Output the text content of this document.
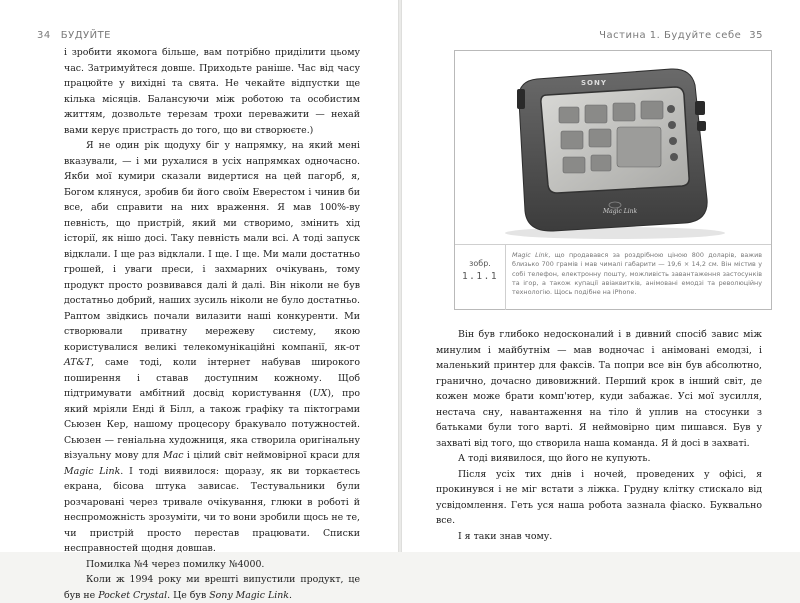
34 БУДУЙТЕ

і зробити якомога більше, вам потрібно приділити цьому час. Затримуйтеся довше. Приходьте раніше. Час від часу працюйте у вихідні та свята. Не чекайте відпустки ще кілька місяців. Балансуючи між роботою та особистим життям, дозвольте терезам трохи переважити — нехай вами керує пристрасть до того, що ви створюєте.)

Я не один рік щодуху біг у напрямку, на який мені вказували, — і ми рухалися в усіх напрямках одночасно. Якби мої кумири сказали видертися на цей пагорб, я, Богом клянуся, зробив би його своїм Еверестом і чинив би все, аби справити на них враження. Я мав 100%-ву певність, що пристрій, який ми створимо, змінить хід історії, як нішо досі. Таку певність мали всі. А тоді запуск відклали. І ще раз відклали. І ще. І ще. Ми мали достатньо грошей, і уваги преси, і захмарних очікувань, тому продукт просто розвивався далі й далі. Він ніколи не був достатньо добрий, наших зусиль ніколи не було достатньо. Раптом звідкись почали вилазити наші конкуренти. Ми створювали приватну мережеву систему, якою користувалися великі телекомунікаційні компанії, як-от AT&T, саме тоді, коли інтернет набував широкого поширення і ставав доступним кожному. Щоб підтримувати амбітний досвід користування (UX), про який мріяли Енді й Білл, а також графіку та піктограми Сьюзен Кер, нашому процесору бракувало потужностей. Сьюзен — геніальна художниця, яка створила оригінальну візуальну мову для Mac і цілий світ неймовірної краси для Magic Link. І тоді виявилося: щоразу, як ви торкаєтесь екрана, бісова штука зависає. Тестувальники були розчаровані через тривале очікування, глюки в роботі й неспроможність зрозуміти, чи то вони зробили щось не те, чи пристрій просто перестав працювати. Списки несправностей щодня довшав.

Помилка №4 через помилку №4000.

Коли ж 1994 року ми врешті випустили продукт, це був не Pocket Crystal. Це був Sony Magic Link.

Частина 1. Будуйте себе 35
SONY
Magic Link
зобр.
1.1.1
Magic Link, що продавався за роздрібною ціною 800 доларів, важив близько 700 грамів і мав чималі габарити — 19,6 × 14,2 см. Він містив у собі телефон, електронну пошту, можливість завантаження застосунків та ігор, а також купації авіаквитків, анімовані емодзі та революційну технологію. Щось подібне на iPhone.

Він був глибоко недосконалий і в дивний спосіб завис між минулим і майбутнім — мав водночас і анімовані емодзі, і маленький принтер для факсів. Та попри все він був абсолютно, гранично, дочасно дивовижний. Перший крок в інший світ, де кожен може брати комп'ютер, куди забажає. Усі мої зусилля, нестача сну, навантаження на тіло й уплив на стосунки з батьками були того варті. Я неймовірно цим пишався. Був у захваті від того, що створила наша команда. Я й досі в захваті.

А тоді виявилося, що його не купують.

Після усіх тих днів і ночей, проведених у офісі, я прокинувся і не міг встати з ліжка. Грудну клітку стискало від усвідомлення. Геть уся наша робота зазнала фіаско. Буквально все.

І я таки знав чому.
